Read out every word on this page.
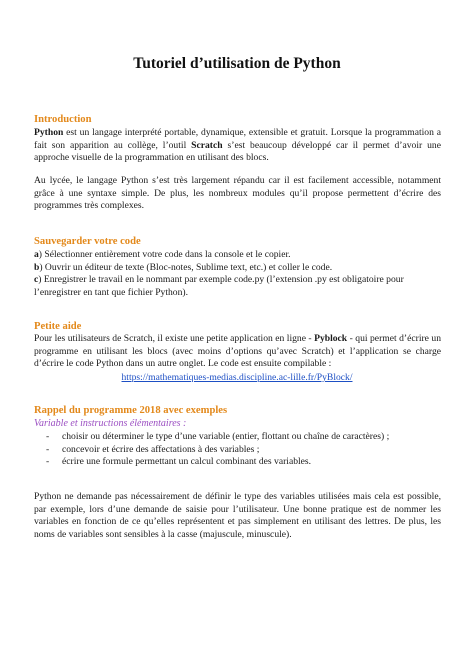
Tutoriel d’utilisation de Python
Introduction
Python est un langage interprété portable, dynamique, extensible et gratuit. Lorsque la programmation a fait son apparition au collège, l’outil Scratch s’est beaucoup développé car il permet d’avoir une approche visuelle de la programmation en utilisant des blocs.
Au lycée, le langage Python s’est très largement répandu car il est facilement accessible, notamment grâce à une syntaxe simple. De plus, les nombreux modules qu’il propose permettent d’écrire des programmes très complexes.
Sauvegarder votre code
a) Sélectionner entièrement votre code dans la console et le copier.
b) Ouvrir un éditeur de texte (Bloc-notes, Sublime text, etc.) et coller le code.
c) Enregistrer le travail en le nommant par exemple code.py (l’extension .py est obligatoire pour l’enregistrer en tant que fichier Python).
Petite aide
Pour les utilisateurs de Scratch, il existe une petite application en ligne - Pyblock - qui permet d’écrire un programme en utilisant les blocs (avec moins d’options qu’avec Scratch) et l’application se charge d’écrire le code Python dans un autre onglet. Le code est ensuite compilable :
https://mathematiques-medias.discipline.ac-lille.fr/PyBlock/
Rappel du programme 2018 avec exemples
Variable et instructions élémentaires :
- choisir ou déterminer le type d’une variable (entier, flottant ou chaîne de caractères) ;
- concevoir et écrire des affectations à des variables ;
- écrire une formule permettant un calcul combinant des variables.
Python ne demande pas nécessairement de définir le type des variables utilisées mais cela est possible, par exemple, lors d’une demande de saisie pour l’utilisateur. Une bonne pratique est de nommer les variables en fonction de ce qu’elles représentent et pas simplement en utilisant des lettres. De plus, les noms de variables sont sensibles à la casse (majuscule, minuscule).
